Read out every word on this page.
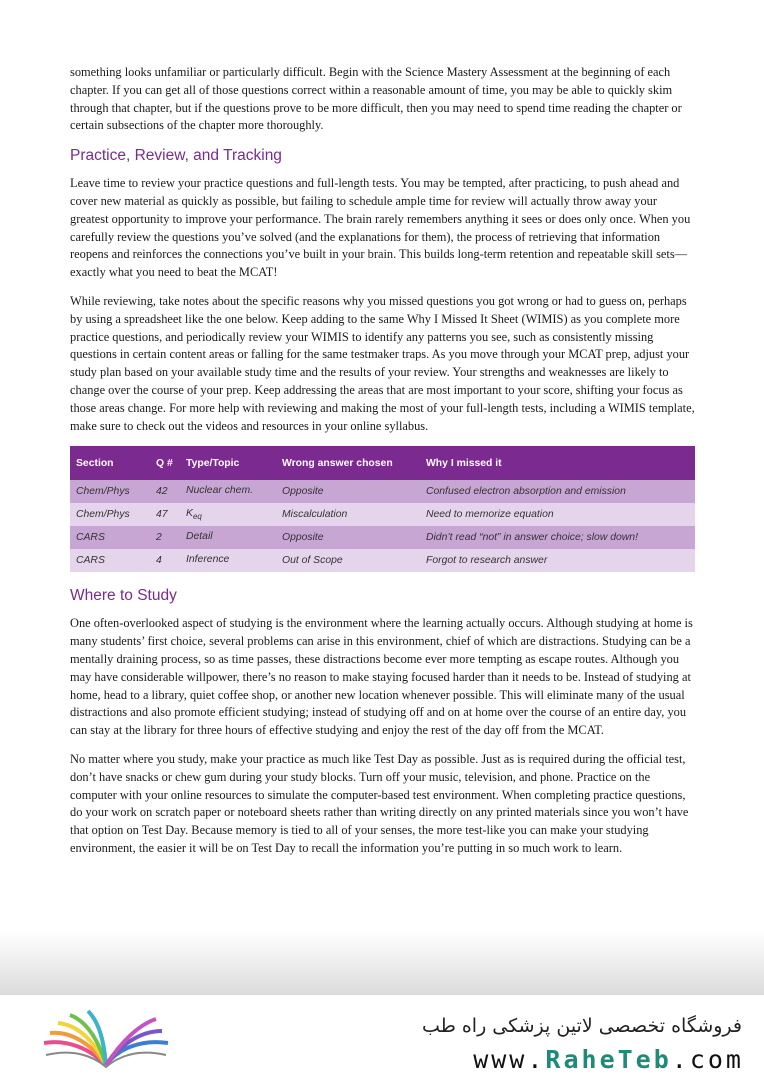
something looks unfamiliar or particularly difficult. Begin with the Science Mastery Assessment at the beginning of each chapter. If you can get all of those questions correct within a reasonable amount of time, you may be able to quickly skim through that chapter, but if the questions prove to be more difficult, then you may need to spend time reading the chapter or certain subsections of the chapter more thoroughly.

Practice, Review, and Tracking

Leave time to review your practice questions and full-length tests. You may be tempted, after practicing, to push ahead and cover new material as quickly as possible, but failing to schedule ample time for review will actually throw away your greatest opportunity to improve your performance. The brain rarely remembers anything it sees or does only once. When you carefully review the questions you’ve solved (and the explanations for them), the process of retrieving that information reopens and reinforces the connections you’ve built in your brain. This builds long-term retention and repeatable skill sets—exactly what you need to beat the MCAT!

While reviewing, take notes about the specific reasons why you missed questions you got wrong or had to guess on, perhaps by using a spreadsheet like the one below. Keep adding to the same Why I Missed It Sheet (WIMIS) as you complete more practice questions, and periodically review your WIMIS to identify any patterns you see, such as consistently missing questions in certain content areas or falling for the same testmaker traps. As you move through your MCAT prep, adjust your study plan based on your available study time and the results of your review. Your strengths and weaknesses are likely to change over the course of your prep. Keep addressing the areas that are most important to your score, shifting your focus as those areas change. For more help with reviewing and making the most of your full-length tests, including a WIMIS template, make sure to check out the videos and resources in your online syllabus.

Section	Q #	Type/Topic	Wrong answer chosen	Why I missed it
Chem/Phys	42	Nuclear chem.	Opposite	Confused electron absorption and emission
Chem/Phys	47	$K_{eq}$	Miscalculation	Need to memorize equation
CARS	2	Detail	Opposite	Didn’t read “not” in answer choice; slow down!
CARS	4	Inference	Out of Scope	Forgot to research answer
Where to Study

One often-overlooked aspect of studying is the environment where the learning actually occurs. Although studying at home is many students’ first choice, several problems can arise in this environment, chief of which are distractions. Studying can be a mentally draining process, so as time passes, these distractions become ever more tempting as escape routes. Although you may have considerable willpower, there’s no reason to make staying focused harder than it needs to be. Instead of studying at home, head to a library, quiet coffee shop, or another new location whenever possible. This will eliminate many of the usual distractions and also promote efficient studying; instead of studying off and on at home over the course of an entire day, you can stay at the library for three hours of effective studying and enjoy the rest of the day off from the MCAT.

No matter where you study, make your practice as much like Test Day as possible. Just as is required during the official test, don’t have snacks or chew gum during your study blocks. Turn off your music, television, and phone. Practice on the computer with your online resources to simulate the computer-based test environment. When completing practice questions, do your work on scratch paper or noteboard sheets rather than writing directly on any printed materials since you won’t have that option on Test Day. Because memory is tied to all of your senses, the more test-like you can make your studying environment, the easier it will be on Test Day to recall the information you’re putting in so much work to learn.

فروشگاه تخصصی لاتین پزشکی راه طب
www.RaheTeb.com
